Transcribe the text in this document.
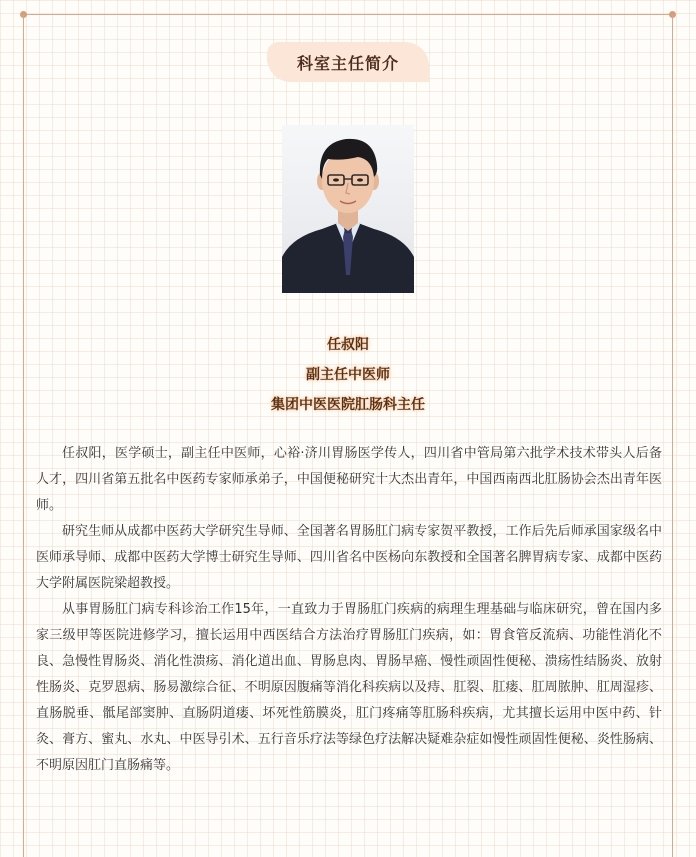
科室主任简介
任叔阳
副主任中医师
集团中医医院肛肠科主任

任叔阳，医学硕士，副主任中医师，心裕·济川胃肠医学传人，四川省中管局第六批学术技术带头人后备人才，四川省第五批名中医药专家师承弟子，中国便秘研究十大杰出青年，中国西南西北肛肠协会杰出青年医师。

研究生师从成都中医药大学研究生导师、全国著名胃肠肛门病专家贺平教授，工作后先后师承国家级名中医师承导师、成都中医药大学博士研究生导师、四川省名中医杨向东教授和全国著名脾胃病专家、成都中医药大学附属医院梁超教授。

从事胃肠肛门病专科诊治工作15年，一直致力于胃肠肛门疾病的病理生理基础与临床研究，曾在国内多家三级甲等医院进修学习，擅长运用中西医结合方法治疗胃肠肛门疾病，如：胃食管反流病、功能性消化不良、急慢性胃肠炎、消化性溃疡、消化道出血、胃肠息肉、胃肠早癌、慢性顽固性便秘、溃疡性结肠炎、放射性肠炎、克罗恩病、肠易激综合征、不明原因腹痛等消化科疾病以及痔、肛裂、肛瘘、肛周脓肿、肛周湿疹、直肠脱垂、骶尾部窦肿、直肠阴道瘘、坏死性筋膜炎，肛门疼痛等肛肠科疾病，尤其擅长运用中医中药、针灸、膏方、蜜丸、水丸、中医导引术、五行音乐疗法等绿色疗法解决疑难杂症如慢性顽固性便秘、炎性肠病、不明原因肛门直肠痛等。
